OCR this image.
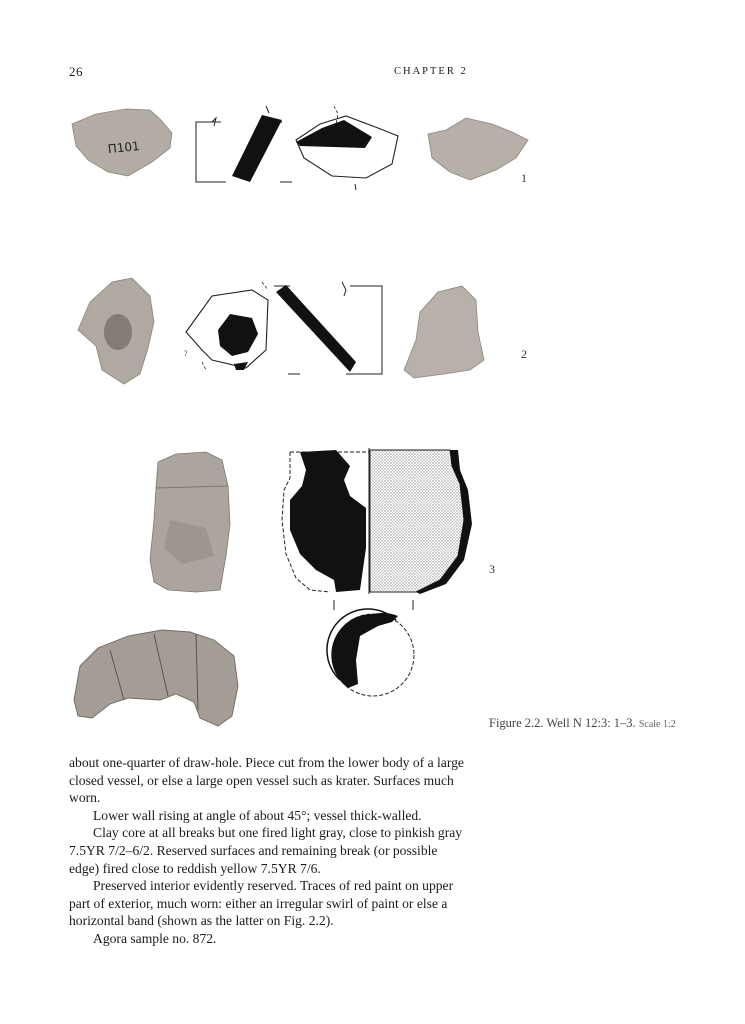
26	CHAPTER 2
Π101
1
?	2
3
Figure 2.2. Well N 12:3: 1–3. Scale 1:2

about one-quarter of draw-hole. Piece cut from the lower body of a large closed vessel, or else a large open vessel such as krater. Surfaces much worn.

Lower wall rising at angle of about 45°; vessel thick-walled.

Clay core at all breaks but one fired light gray, close to pinkish gray 7.5YR 7/2–6/2. Reserved surfaces and remaining break (or possible edge) fired close to reddish yellow 7.5YR 7/6.

Preserved interior evidently reserved. Traces of red paint on upper part of exterior, much worn: either an irregular swirl of paint or else a horizontal band (shown as the latter on Fig. 2.2).

Agora sample no. 872.
